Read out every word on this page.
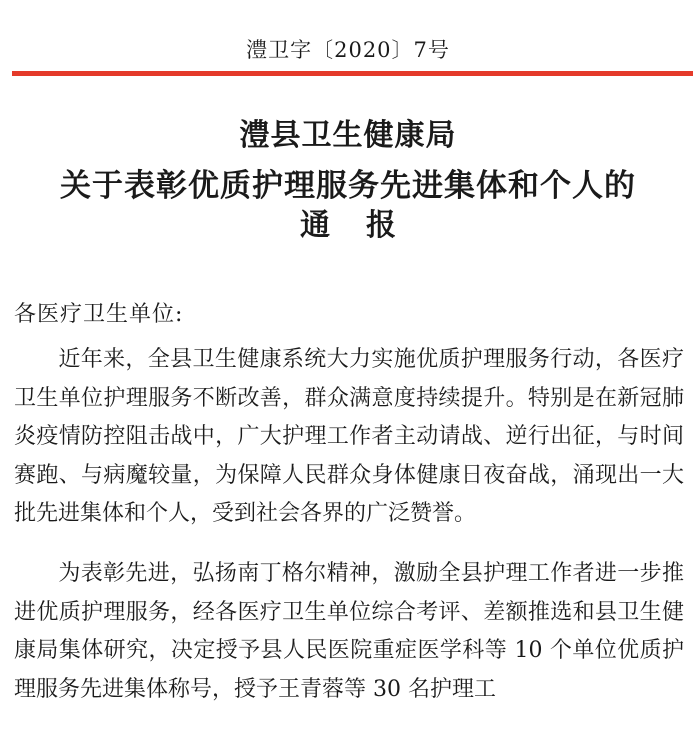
澧卫字〔2020〕7号
澧县卫生健康局
关于表彰优质护理服务先进集体和个人的
通报
各医疗卫生单位:
近年来，全县卫生健康系统大力实施优质护理服务行动，各医疗卫生单位护理服务不断改善，群众满意度持续提升。特别是在新冠肺炎疫情防控阻击战中，广大护理工作者主动请战、逆行出征，与时间赛跑、与病魔较量，为保障人民群众身体健康日夜奋战，涌现出一大批先进集体和个人，受到社会各界的广泛赞誉。
为表彰先进，弘扬南丁格尔精神，激励全县护理工作者进一步推进优质护理服务，经各医疗卫生单位综合考评、差额推选和县卫生健康局集体研究，决定授予县人民医院重症医学科等 10 个单位优质护理服务先进集体称号，授予王青蓉等 30 名护理工
